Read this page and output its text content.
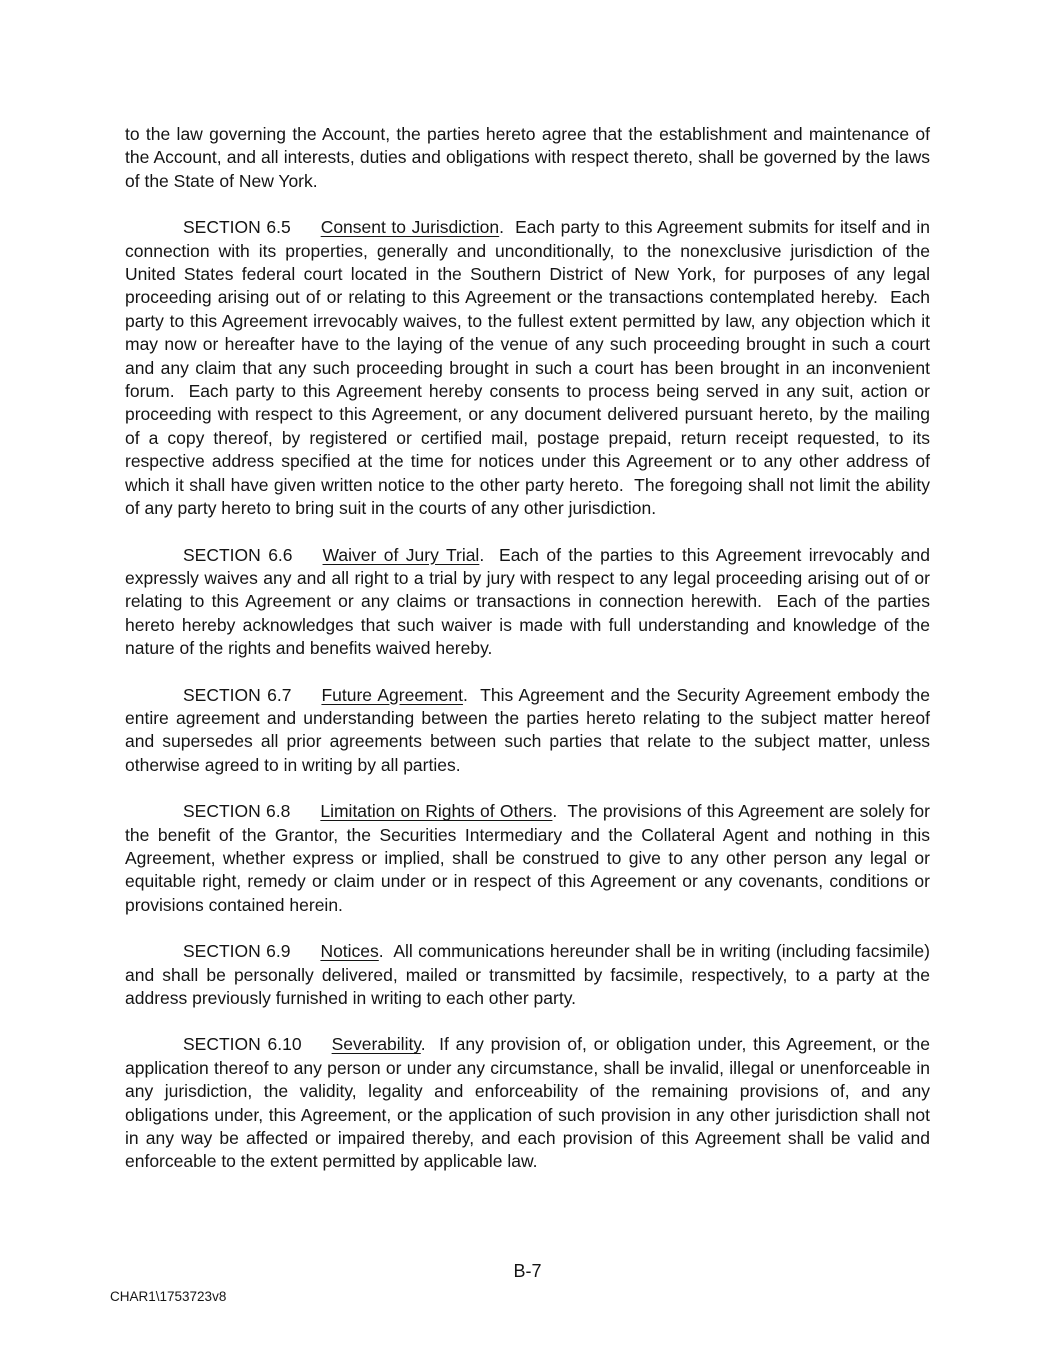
to the law governing the Account, the parties hereto agree that the establishment and maintenance of the Account, and all interests, duties and obligations with respect thereto, shall be governed by the laws of the State of New York.

SECTION 6.5 Consent to Jurisdiction.  Each party to this Agreement submits for itself and in connection with its properties, generally and unconditionally, to the nonexclusive jurisdiction of the United States federal court located in the Southern District of New York, for purposes of any legal proceeding arising out of or relating to this Agreement or the transactions contemplated hereby.  Each party to this Agreement irrevocably waives, to the fullest extent permitted by law, any objection which it may now or hereafter have to the laying of the venue of any such proceeding brought in such a court and any claim that any such proceeding brought in such a court has been brought in an inconvenient forum.  Each party to this Agreement hereby consents to process being served in any suit, action or proceeding with respect to this Agreement, or any document delivered pursuant hereto, by the mailing of a copy thereof, by registered or certified mail, postage prepaid, return receipt requested, to its respective address specified at the time for notices under this Agreement or to any other address of which it shall have given written notice to the other party hereto.  The foregoing shall not limit the ability of any party hereto to bring suit in the courts of any other jurisdiction.

SECTION 6.6 Waiver of Jury Trial.  Each of the parties to this Agreement irrevocably and expressly waives any and all right to a trial by jury with respect to any legal proceeding arising out of or relating to this Agreement or any claims or transactions in connection herewith.  Each of the parties hereto hereby acknowledges that such waiver is made with full understanding and knowledge of the nature of the rights and benefits waived hereby.

SECTION 6.7 Future Agreement.  This Agreement and the Security Agreement embody the entire agreement and understanding between the parties hereto relating to the subject matter hereof and supersedes all prior agreements between such parties that relate to the subject matter, unless otherwise agreed to in writing by all parties.

SECTION 6.8 Limitation on Rights of Others.  The provisions of this Agreement are solely for the benefit of the Grantor, the Securities Intermediary and the Collateral Agent and nothing in this Agreement, whether express or implied, shall be construed to give to any other person any legal or equitable right, remedy or claim under or in respect of this Agreement or any covenants, conditions or provisions contained herein.

SECTION 6.9 Notices.  All communications hereunder shall be in writing (including facsimile) and shall be personally delivered, mailed or transmitted by facsimile, respectively, to a party at the address previously furnished in writing to each other party.

SECTION 6.10 Severability.  If any provision of, or obligation under, this Agreement, or the application thereof to any person or under any circumstance, shall be invalid, illegal or unenforceable in any jurisdiction, the validity, legality and enforceability of the remaining provisions of, and any obligations under, this Agreement, or the application of such provision in any other jurisdiction shall not in any way be affected or impaired thereby, and each provision of this Agreement shall be valid and enforceable to the extent permitted by applicable law.

B-7
CHAR1\1753723v8
